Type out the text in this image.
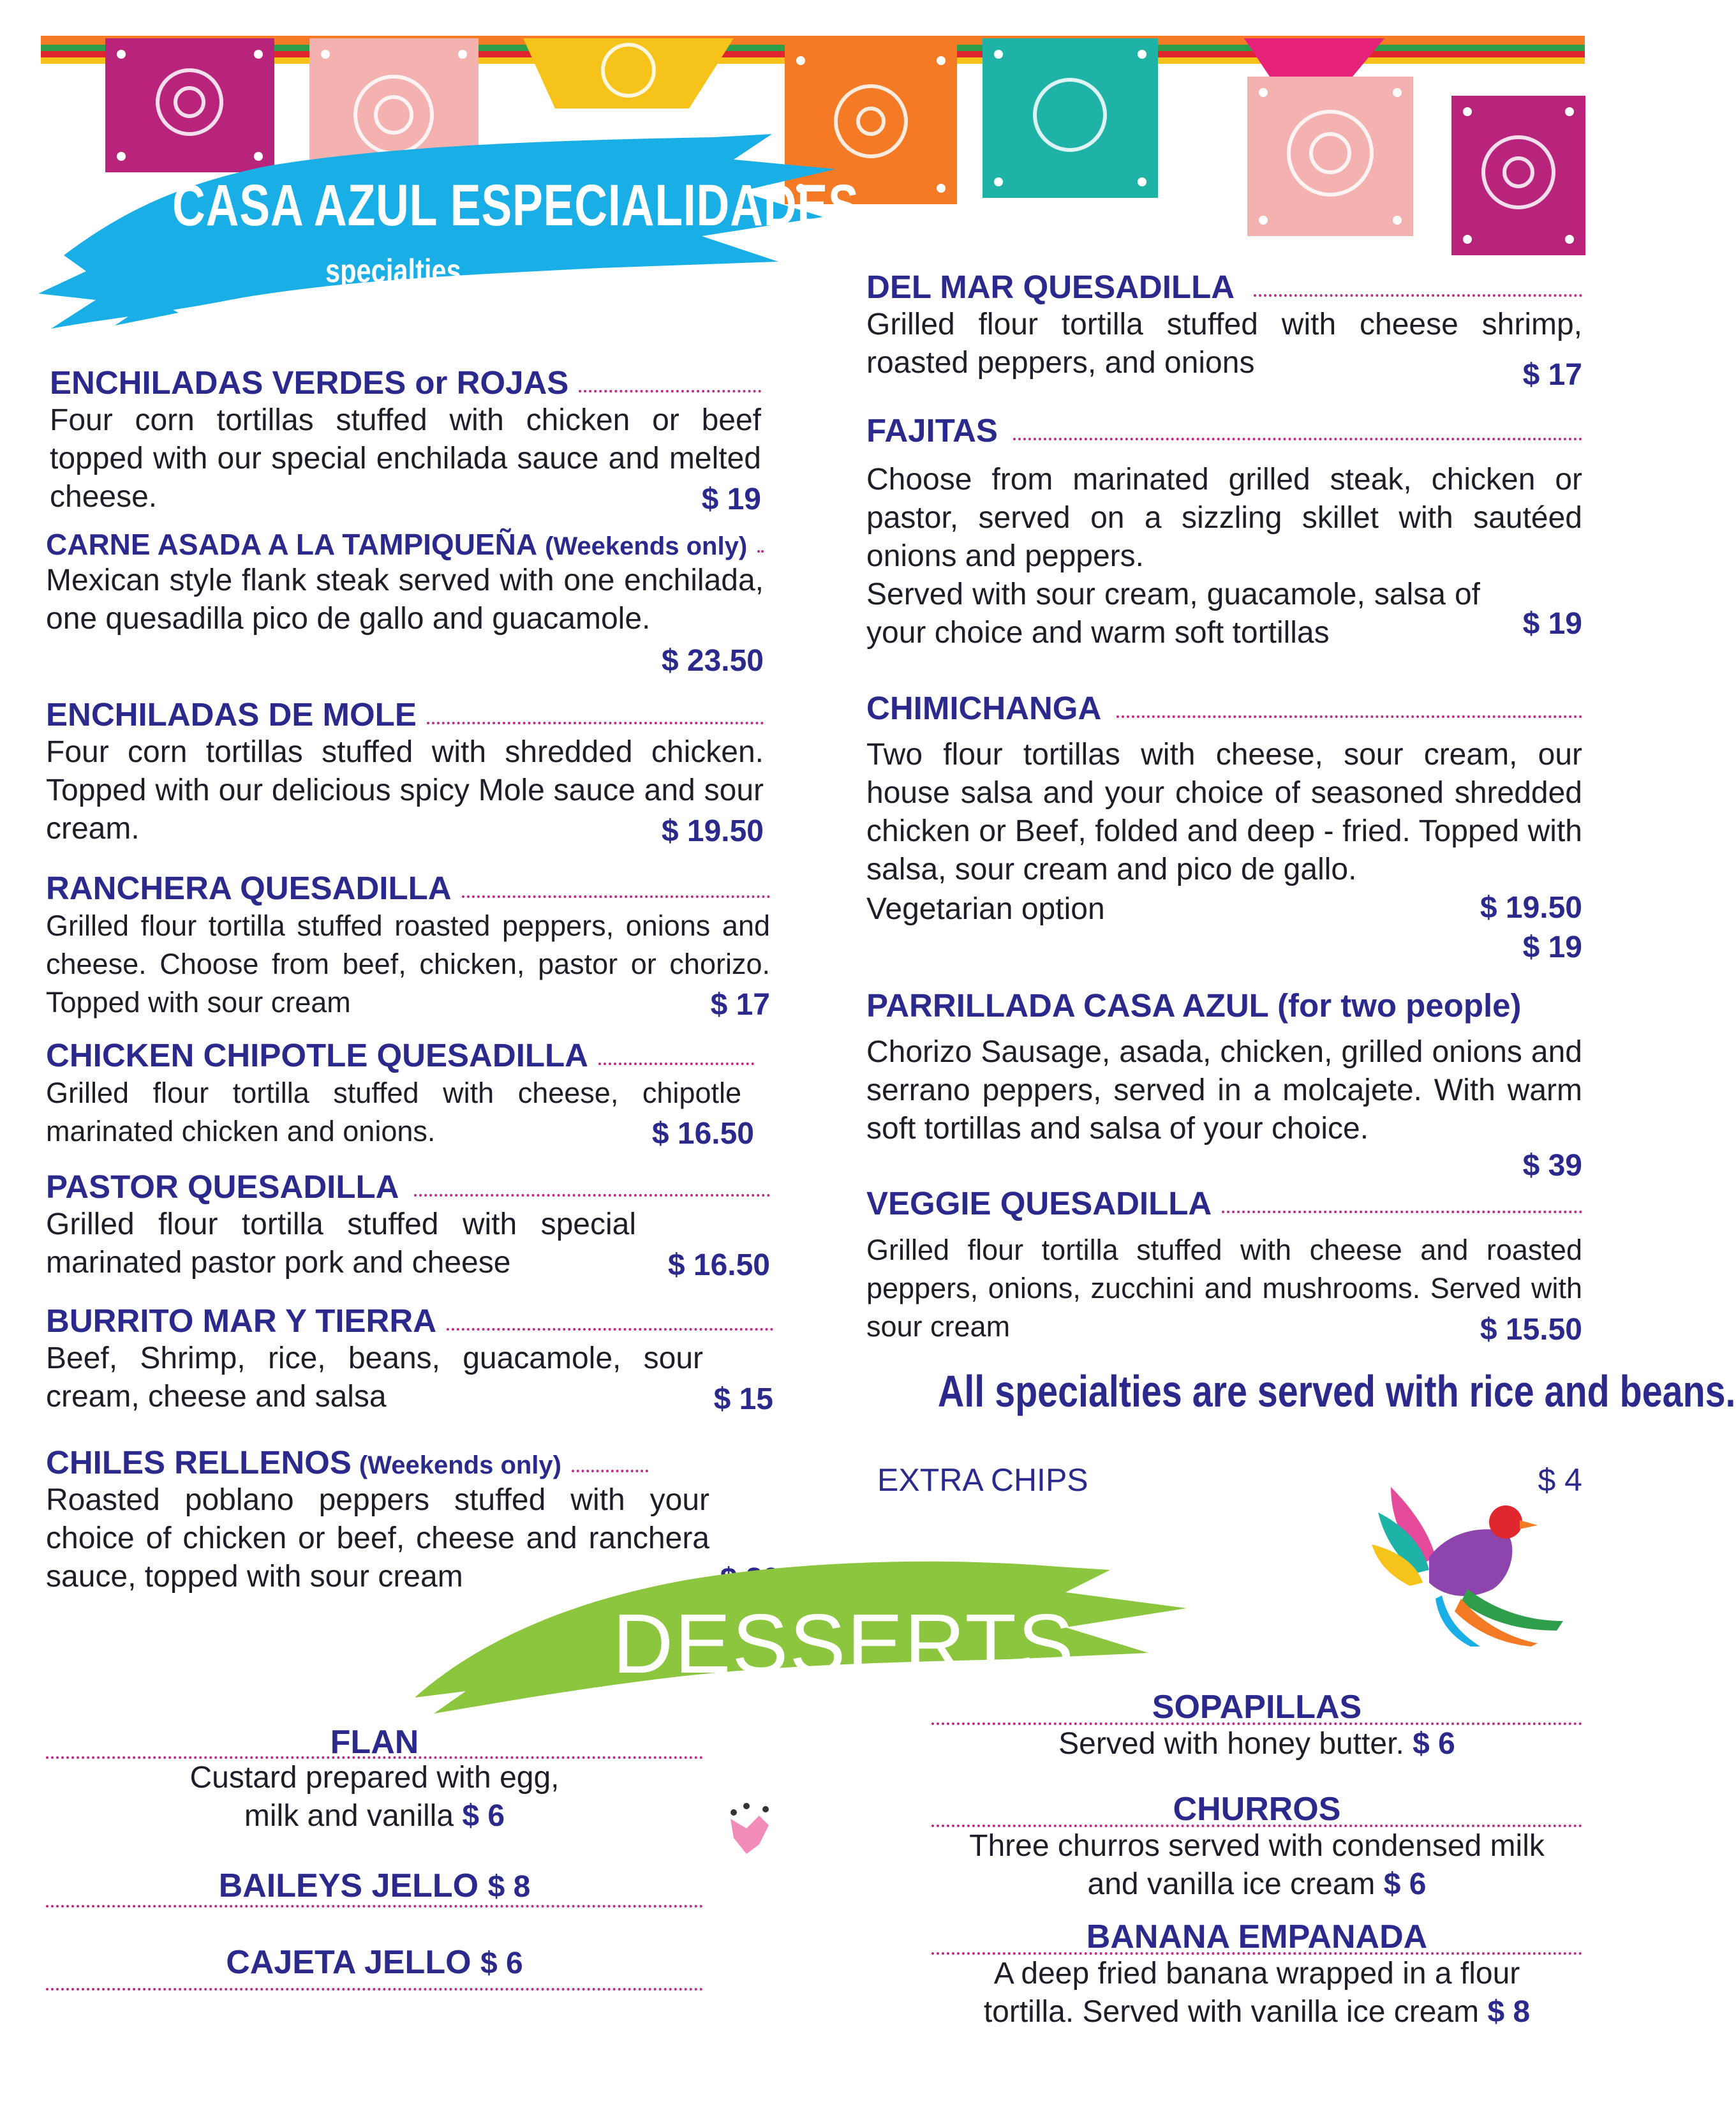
CASA AZUL ESPECIALIDADES
specialties
ENCHILADAS VERDES or ROJAS
Four corn tortillas stuffed with chicken or beef topped with our special enchilada sauce and melted cheese.	$ 19
CARNE ASADA A LA TAMPIQUEÑA (Weekends only)
Mexican style flank steak served with one enchilada, one quesadilla pico de gallo and guacamole.
$ 23.50
ENCHILADAS DE MOLE
Four corn tortillas stuffed with shredded chicken. Topped with our delicious spicy Mole sauce and sour cream.	$ 19.50
RANCHERA QUESADILLA
Grilled flour tortilla stuffed roasted peppers, onions and cheese. Choose from beef, chicken, pastor or chorizo. Topped with sour cream	$ 17
CHICKEN CHIPOTLE QUESADILLA
Grilled flour tortilla stuffed with cheese, chipotle marinated chicken and onions.	$ 16.50
PASTOR QUESADILLA
Grilled flour tortilla stuffed with special marinated pastor pork and cheese	$ 16.50
BURRITO MAR Y TIERRA
Beef, Shrimp, rice, beans, guacamole, sour cream, cheese and salsa	$ 15
CHILES RELLENOS (Weekends only)
Roasted poblano peppers stuffed with your choice of chicken or beef, cheese and ranchera sauce, topped with sour cream
DEL MAR QUESADILLA
Grilled flour tortilla stuffed with cheese shrimp, roasted peppers, and onions	$ 17
FAJITAS
Choose from marinated grilled steak, chicken or pastor, served on a sizzling skillet with sautéed onions and peppers.
Served with sour cream, guacamole, salsa of your choice and warm soft tortillas	$ 19
CHIMICHANGA
Two flour tortillas with cheese, sour cream, our house salsa and your choice of seasoned shredded chicken or Beef, folded and deep - fried. Topped with salsa, sour cream and pico de gallo.
$ 19.50
Vegetarian option
$ 19
PARRILLADA CASA AZUL (for two people)
Chorizo Sausage, asada, chicken, grilled onions and serrano peppers, served in a molcajete. With warm soft tortillas and salsa of your choice.
$ 39
VEGGIE QUESADILLA
Grilled flour tortilla stuffed with cheese and roasted peppers, onions, zucchini and mushrooms. Served with sour cream	$ 15.50
All specialties are served with rice and beans.
EXTRA CHIPS	$ 4
DESSERTS
FLAN
Custard prepared with egg,
milk and vanilla $ 6
BAILEYS JELLO $ 8
CAJETA JELLO $ 6
SOPAPILLAS
Served with honey butter. $ 6
CHURROS
Three churros served with condensed milk
and vanilla ice cream $ 6
BANANA EMPANADA
A deep fried banana wrapped in a flour
tortilla. Served with vanilla ice cream $ 8
